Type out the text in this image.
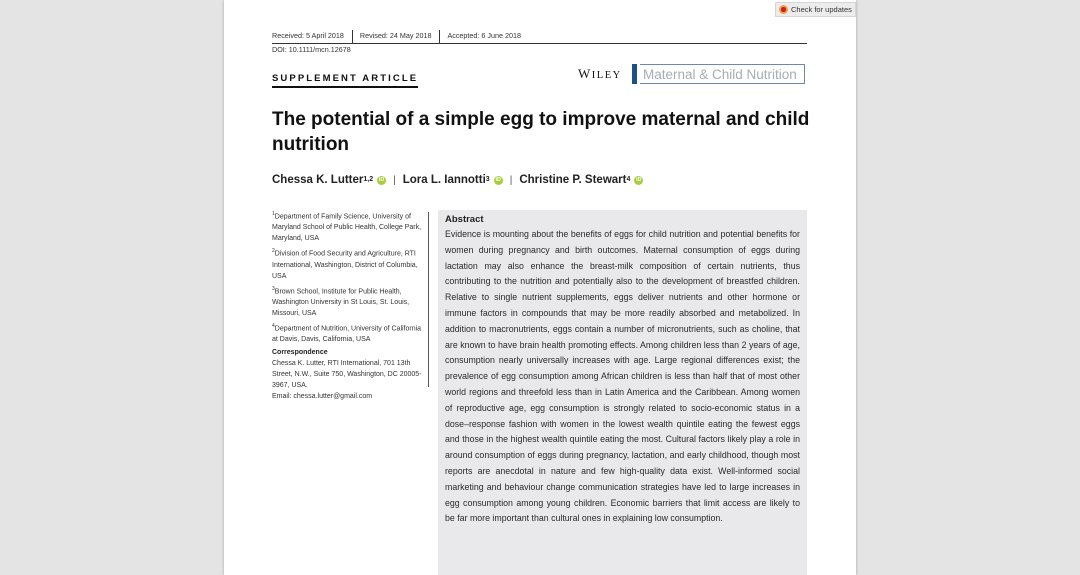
Check for updates
Received: 5 April 2018	Revised: 24 May 2018	Accepted: 6 June 2018
DOI: 10.1111/mcn.12678
SUPPLEMENT ARTICLE	WILEY Maternal & Child Nutrition
The potential of a simple egg to improve maternal and child nutrition
Chessa K. Lutter$^{1,2}$	iD | Lora L. Iannotti$^3$	iD | Christine P. Stewart$^4$	iD

$^1$Department of Family Science, University of Maryland School of Public Health, College Park, Maryland, USA

$^2$Division of Food Security and Agriculture, RTI International, Washington, District of Columbia, USA

$^3$Brown School, Institute for Public Health, Washington University in St Louis, St. Louis, Missouri, USA

$^4$Department of Nutrition, University of California at Davis, Davis, California, USA

Correspondence
Chessa K. Lutter, RTI International, 701 13th Street, N.W., Suite 750, Washington, DC 20005-3967, USA.
Email: chessa.lutter@gmail.com
Abstract
Evidence is mounting about the benefits of eggs for child nutrition and potential benefits for women during pregnancy and birth outcomes. Maternal consumption of eggs during lactation may also enhance the breast-milk composition of certain nutrients, thus contributing to the nutrition and potentially also to the development of breastfed children. Relative to single nutrient supplements, eggs deliver nutrients and other hormone or immune factors in compounds that may be more readily absorbed and metabolized. In addition to macronutrients, eggs contain a number of micronutrients, such as choline, that are known to have brain health promoting effects. Among children less than 2 years of age, consumption nearly universally increases with age. Large regional differences exist; the prevalence of egg consumption among African children is less than half that of most other world regions and threefold less than in Latin America and the Caribbean. Among women of reproductive age, egg consumption is strongly related to socio-economic status in a dose–response fashion with women in the lowest wealth quintile eating the fewest eggs and those in the highest wealth quintile eating the most. Cultural factors likely play a role in around consumption of eggs during pregnancy, lactation, and early childhood, though most reports are anecdotal in nature and few high-quality data exist. Well-informed social marketing and behaviour change communication strategies have led to large increases in egg consumption among young children. Economic barriers that limit access are likely to be far more important than cultural ones in explaining low consumption.
